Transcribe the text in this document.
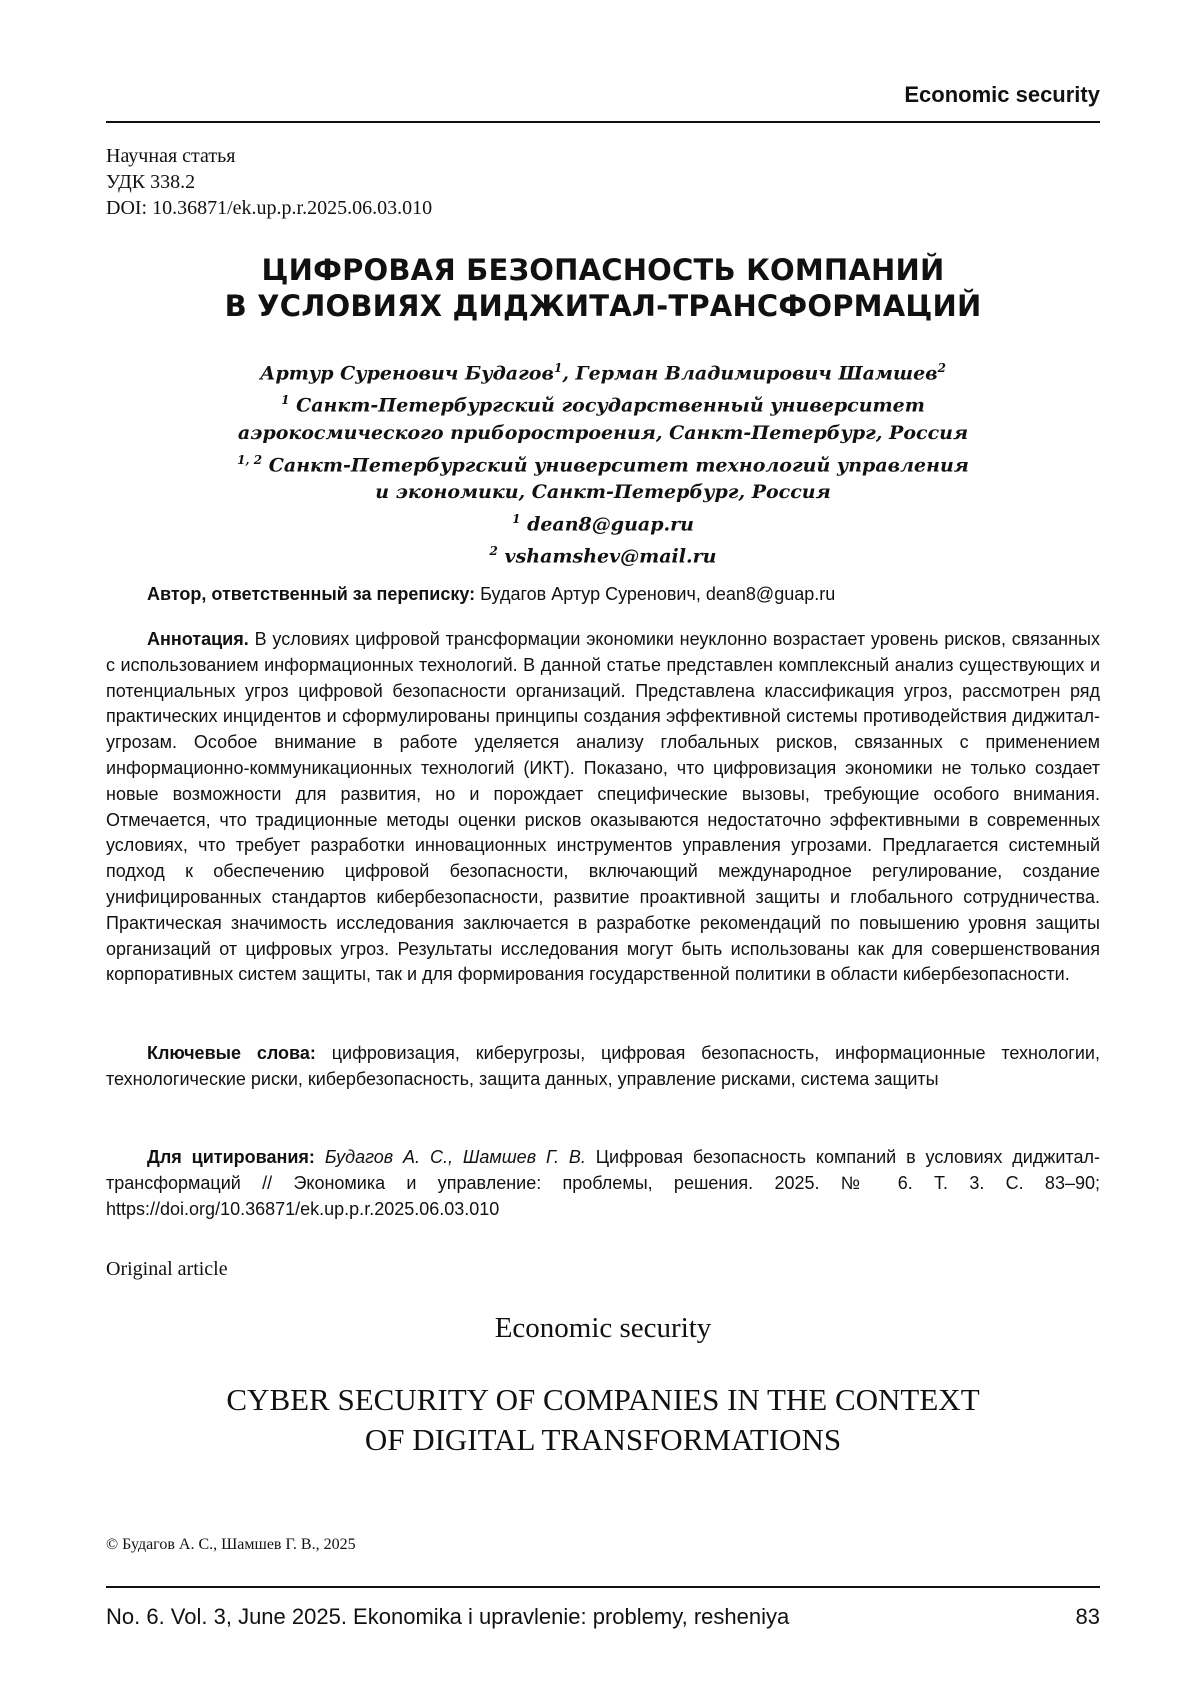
Economic security
Научная статья
УДК 338.2
DOI: 10.36871/ek.up.p.r.2025.06.03.010
ЦИФРОВАЯ БЕЗОПАСНОСТЬ КОМПАНИЙ
В УСЛОВИЯХ ДИДЖИТАЛ-ТРАНСФОРМАЦИЙ
Артур Суренович Будагов$^1$, Герман Владимирович Шамшев$^2$
$^1$ Санкт-Петербургский государственный университет
аэрокосмического приборостроения, Санкт-Петербург, Россия
$^{1, 2}$ Санкт-Петербургский университет технологий управления
и экономики, Санкт-Петербург, Россия
$^1$ dean8@guap.ru
$^2$ vshamshev@mail.ru
Автор, ответственный за переписку: Будагов Артур Суренович, dean8@guap.ru
Аннотация. В условиях цифровой трансформации экономики неуклонно возрастает уровень рисков, связанных с использованием информационных технологий. В данной статье представлен комплексный анализ существующих и потенциальных угроз цифровой безопасности организаций. Представлена классификация угроз, рассмотрен ряд практических инцидентов и сформулированы принципы создания эффективной системы противодействия диджитал-угрозам. Особое внимание в работе уделяется анализу глобальных рисков, связанных с применением информационно-коммуникационных технологий (ИКТ). Показано, что цифровизация экономики не только создает новые возможности для развития, но и порождает специфические вызовы, требующие особого внимания. Отмечается, что традиционные методы оценки рисков оказываются недостаточно эффективными в современных условиях, что требует разработки инновационных инструментов управления угрозами. Предлагается системный подход к обеспечению цифровой безопасности, включающий международное регулирование, создание унифицированных стандартов кибербезопасности, развитие проактивной защиты и глобального сотрудничества. Практическая значимость исследования заключается в разработке рекомендаций по повышению уровня защиты организаций от цифровых угроз. Результаты исследования могут быть использованы как для совершенствования корпоративных систем защиты, так и для формирования государственной политики в области кибербезопасности.
Ключевые слова: цифровизация, киберугрозы, цифровая безопасность, информационные технологии, технологические риски, кибербезопасность, защита данных, управление рисками, система защиты
Для цитирования: Будагов А. С., Шамшев Г. В. Цифровая безопасность компаний в условиях диджитал-трансформаций // Экономика и управление: проблемы, решения. 2025. № 6. Т. 3. С. 83–90; https://doi.org/10.36871/ek.up.p.r.2025.06.03.010
Original article
Economic security
CYBER SECURITY OF COMPANIES IN THE CONTEXT
OF DIGITAL TRANSFORMATIONS
© Будагов А. С., Шамшев Г. В., 2025
No. 6. Vol. 3, June 2025. Ekonomika i upravlenie: problemy, resheniya	83
